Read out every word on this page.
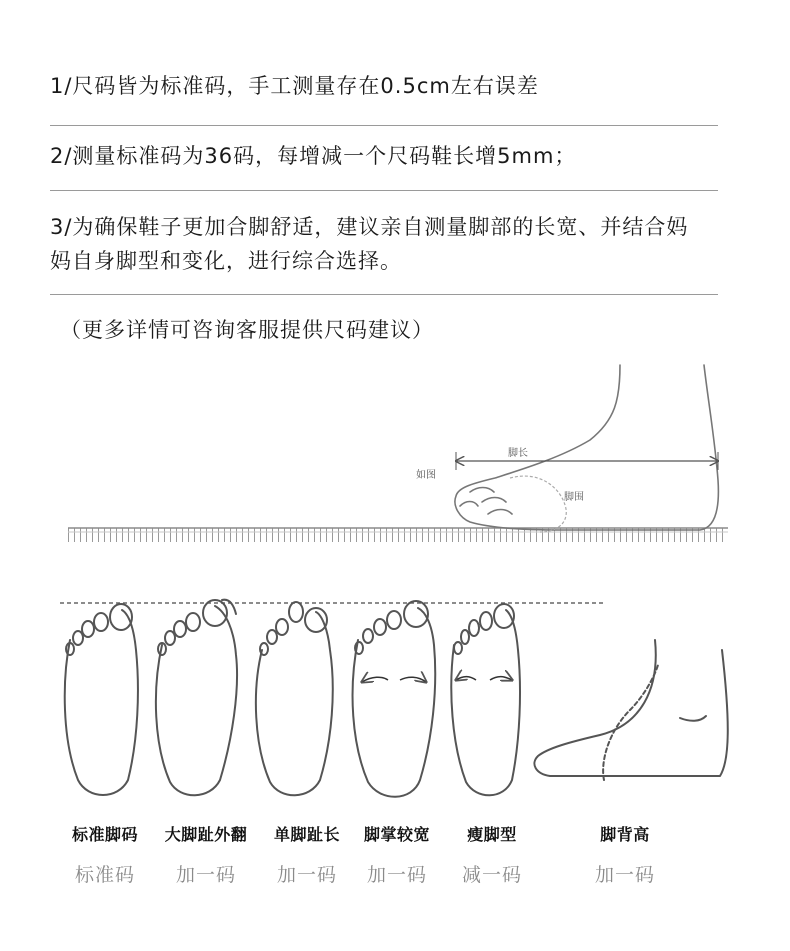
1/尺码皆为标准码，手工测量存在0.5cm左右误差
2/测量标准码为36码，每增减一个尺码鞋长增5mm；
3/为确保鞋子更加合脚舒适，建议亲自测量脚部的长宽、并结合妈妈自身脚型和变化，进行综合选择。
（更多详情可咨询客服提供尺码建议）
脚长
脚围
如图
标准脚码	大脚趾外翻	单脚趾长	脚掌较宽	瘦脚型	脚背高
标准码	加一码	加一码	加一码	减一码	加一码
